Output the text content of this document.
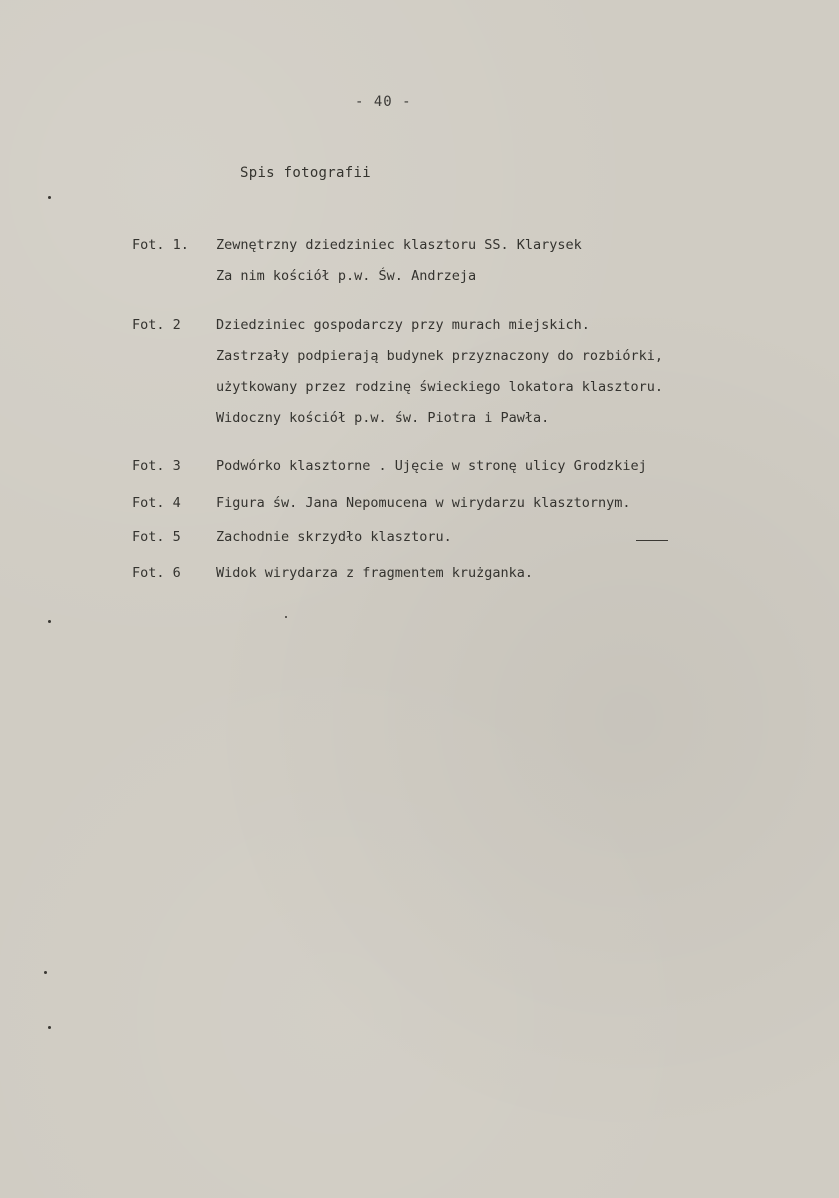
- 40 -
Spis fotografii
Fot. 1. Zewnętrzny dziedziniec klasztoru SS. Klarysek
Za nim kościół p.w. Św. Andrzeja
Fot. 2	Dziedziniec gospodarczy przy murach miejskich.
Zastrzały podpierają budynek przyznaczony do rozbiórki,
użytkowany przez rodzinę świeckiego lokatora klasztoru.
Widoczny kościół p.w. św. Piotra i Pawła.
Fot. 3	Podwórko klasztorne . Ujęcie w stronę ulicy Grodzkiej
Fot. 4	Figura św. Jana Nepomucena w wirydarzu klasztornym.
Fot. 5	Zachodnie skrzydło klasztoru.
Fot. 6	Widok wirydarza z fragmentem krużganka.
